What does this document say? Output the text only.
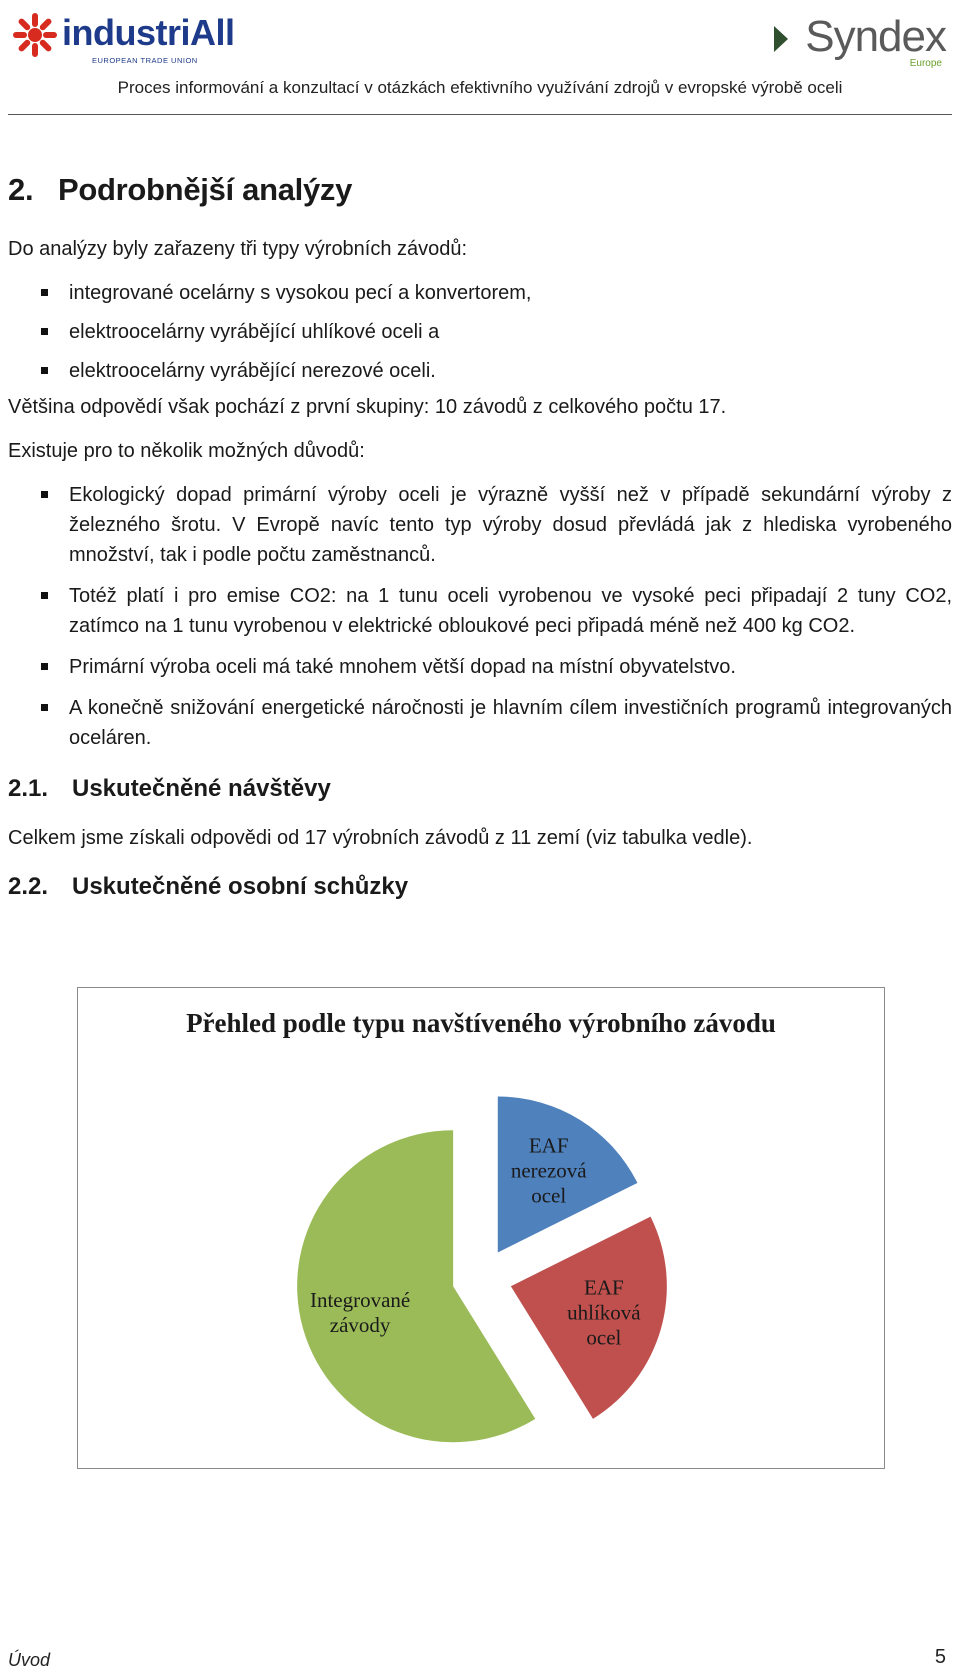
industriAll
EUROPEAN TRADE UNION	Syndex
Europe
Proces informování a konzultací v otázkách efektivního využívání zdrojů v evropské výrobě oceli
2. Podrobnější analýzy

Do analýzy byly zařazeny tři typy výrobních závodů:

integrované ocelárny s vysokou pecí a konvertorem,
elektroocelárny vyrábějící uhlíkové oceli a
elektroocelárny vyrábějící nerezové oceli.

Většina odpovědí však pochází z první skupiny: 10 závodů z celkového počtu 17.

Existuje pro to několik možných důvodů:

Ekologický dopad primární výroby oceli je výrazně vyšší než v případě sekundární výroby z železného šrotu. V Evropě navíc tento typ výroby dosud převládá jak z hlediska vyrobeného množství, tak i podle počtu zaměstnanců.
Totéž platí i pro emise CO2: na 1 tunu oceli vyrobenou ve vysoké peci připadají 2 tuny CO2, zatímco na 1 tunu vyrobenou v elektrické obloukové peci připadá méně než 400 kg CO2.
Primární výroba oceli má také mnohem větší dopad na místní obyvatelstvo.
A konečně snižování energetické náročnosti je hlavním cílem investičních programů integrovaných oceláren.
2.1. Uskutečněné návštěvy

Celkem jsme získali odpovědi od 17 výrobních závodů z 11 zemí (viz tabulka vedle).

2.2. Uskutečněné osobní schůzky
Přehled podle typu navštíveného výrobního závodu
EAF nerezová ocel
EAF uhlíková ocel
Integrované závody
Úvod	5
